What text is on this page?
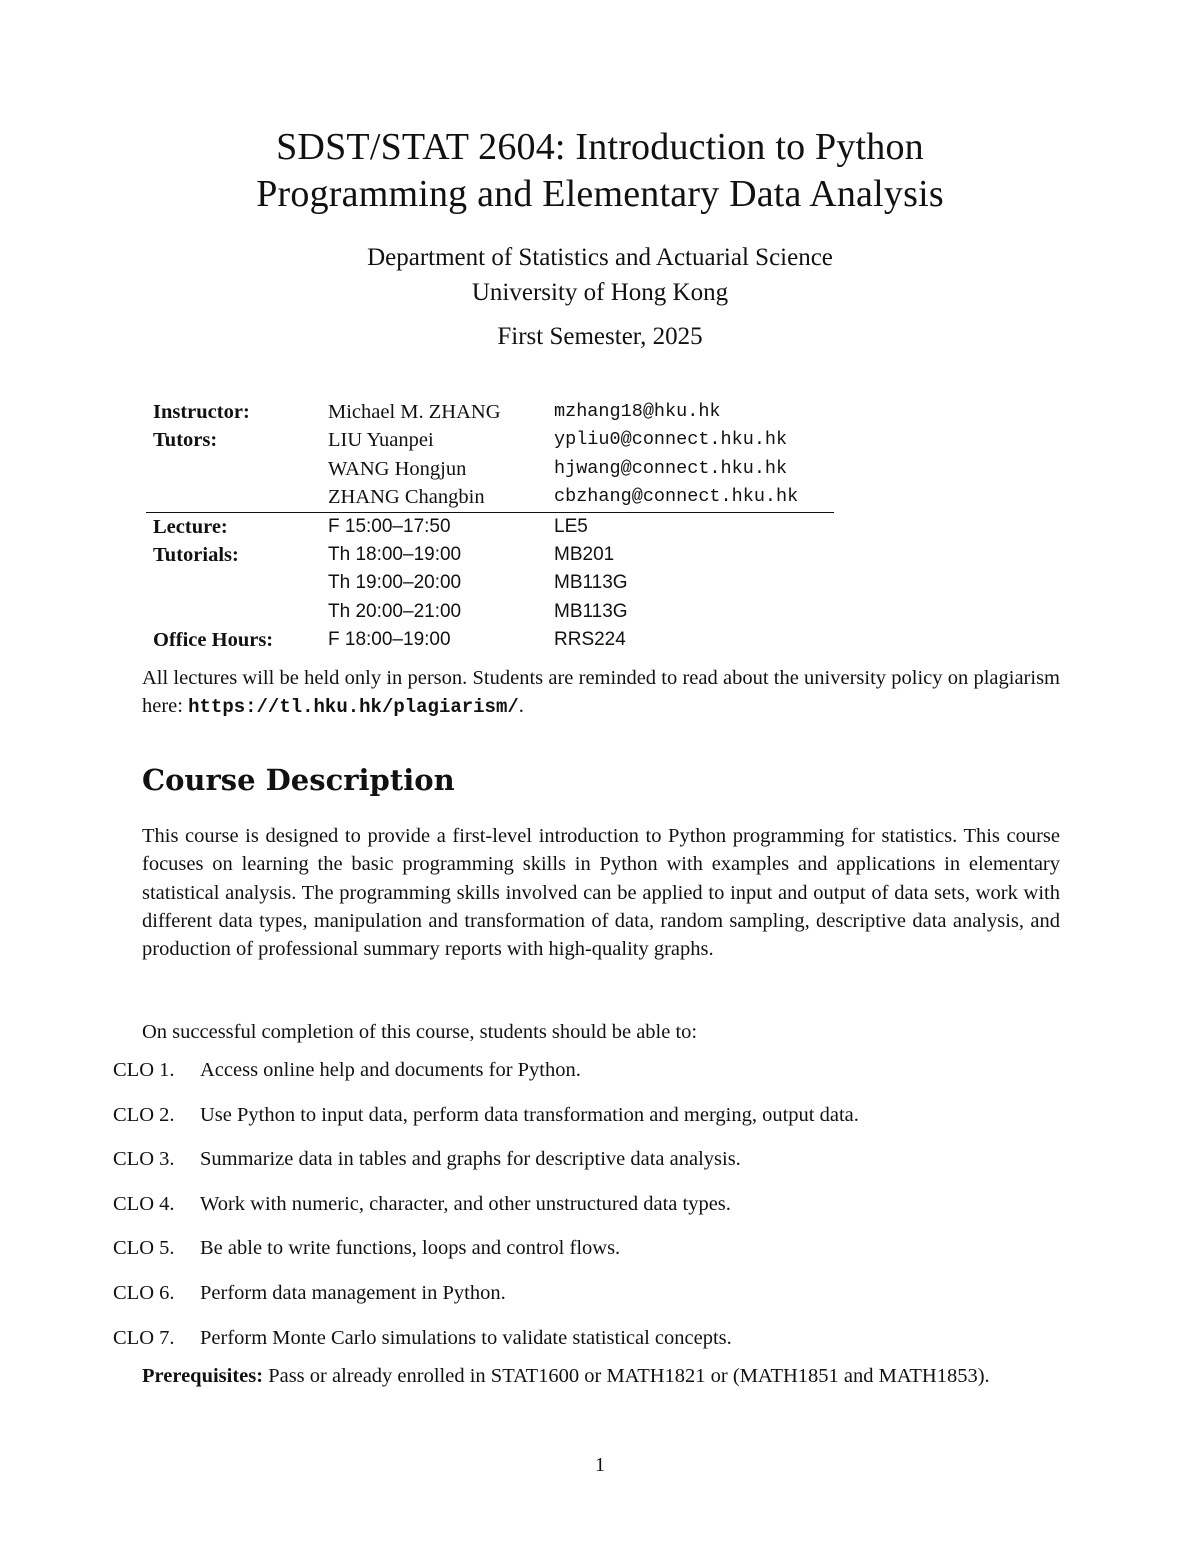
SDST/STAT 2604: Introduction to Python
Programming and Elementary Data Analysis
Department of Statistics and Actuarial Science
University of Hong Kong
First Semester, 2025
Instructor:	Michael M. ZHANG	mzhang18@hku.hk
Tutors:	LIU Yuanpei	ypliu0@connect.hku.hk
WANG Hongjun	hjwang@connect.hku.hk
ZHANG Changbin	cbzhang@connect.hku.hk
Lecture:	F 15:00–17:50	LE5
Tutorials:	Th 18:00–19:00	MB201
Th 19:00–20:00	MB113G
Th 20:00–21:00	MB113G
Office Hours:	F 18:00–19:00	RRS224
All lectures will be held only in person. Students are reminded to read about the university policy on plagiarism here: https://tl.hku.hk/plagiarism/.
Course Description
This course is designed to provide a first-level introduction to Python programming for statistics. This course focuses on learning the basic programming skills in Python with examples and applications in elementary statistical analysis. The programming skills involved can be applied to input and output of data sets, work with different data types, manipulation and transformation of data, random sampling, descriptive data analysis, and production of professional summary reports with high-quality graphs.
On successful completion of this course, students should be able to:
CLO 1. Access online help and documents for Python.
CLO 2. Use Python to input data, perform data transformation and merging, output data.
CLO 3. Summarize data in tables and graphs for descriptive data analysis.
CLO 4. Work with numeric, character, and other unstructured data types.
CLO 5. Be able to write functions, loops and control flows.
CLO 6. Perform data management in Python.
CLO 7. Perform Monte Carlo simulations to validate statistical concepts.
Prerequisites: Pass or already enrolled in STAT1600 or MATH1821 or (MATH1851 and MATH1853).
1
